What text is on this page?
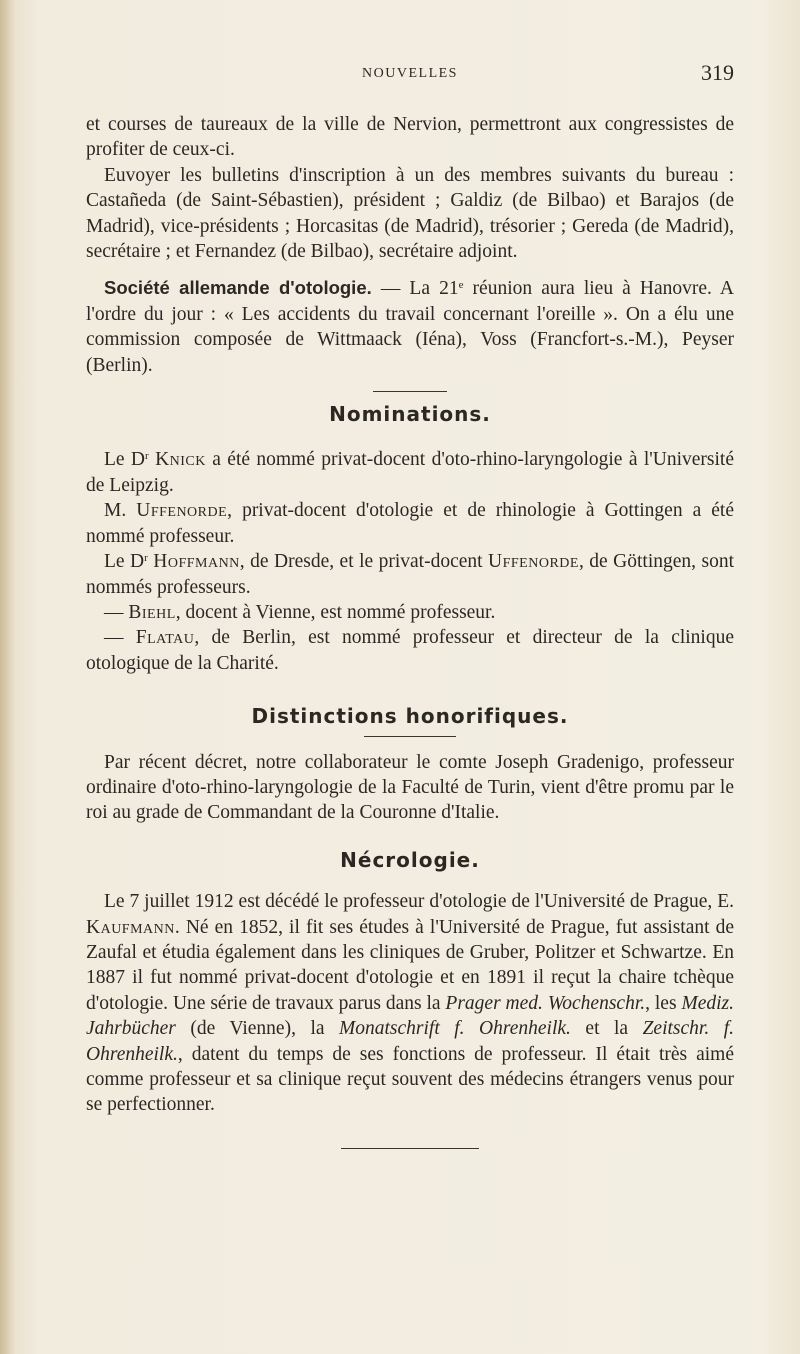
NOUVELLES	319

et courses de taureaux de la ville de Nervion, permettront aux congressistes de profiter de ceux-ci.

Euvoyer les bulletins d'inscription à un des membres suivants du bureau : Castañeda (de Saint-Sébastien), président ; Galdiz (de Bilbao) et Barajos (de Madrid), vice-présidents ; Horcasitas (de Madrid), trésorier ; Gereda (de Madrid), secrétaire ; et Fernandez (de Bilbao), secrétaire adjoint.

Société allemande d'otologie. — La 21e réunion aura lieu à Hanovre. A l'ordre du jour : « Les accidents du travail concernant l'oreille ». On a élu une commission composée de Wittmaack (Iéna), Voss (Francfort-s.-M.), Peyser (Berlin).

Nominations.

Le $D^r$ Knick a été nommé privat-docent d'oto-rhino-laryngologie à l'Université de Leipzig.

M. Uffenorde, privat-docent d'otologie et de rhinologie à Gottingen a été nommé professeur.

Le $D^r$ Hoffmann, de Dresde, et le privat-docent Uffenorde, de Göttingen, sont nommés professeurs.

— Biehl, docent à Vienne, est nommé professeur.

— Flatau, de Berlin, est nommé professeur et directeur de la clinique otologique de la Charité.

Distinctions honorifiques.

Par récent décret, notre collaborateur le comte Joseph Gradenigo, professeur ordinaire d'oto-rhino-laryngologie de la Faculté de Turin, vient d'être promu par le roi au grade de Commandant de la Couronne d'Italie.

Nécrologie.

Le 7 juillet 1912 est décédé le professeur d'otologie de l'Université de Prague, E. Kaufmann. Né en 1852, il fit ses études à l'Université de Prague, fut assistant de Zaufal et étudia également dans les cliniques de Gruber, Politzer et Schwartze. En 1887 il fut nommé privat-docent d'otologie et en 1891 il reçut la chaire tchèque d'otologie. Une série de travaux parus dans la Prager med. Wochenschr., les Mediz. Jahrbücher (de Vienne), la Monatschrift f. Ohrenheilk. et la Zeitschr. f. Ohrenheilk., datent du temps de ses fonctions de professeur. Il était très aimé comme professeur et sa clinique reçut souvent des médecins étrangers venus pour se perfectionner.
